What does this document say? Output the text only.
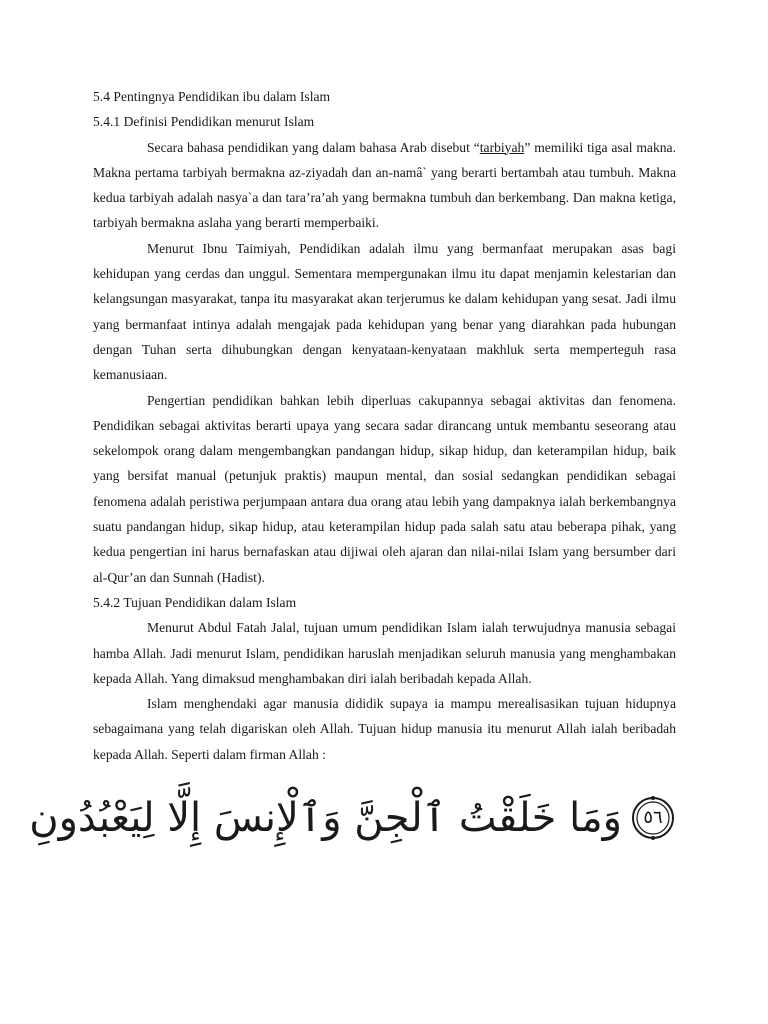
5.4 Pentingnya Pendidikan ibu dalam Islam

5.4.1 Definisi Pendidikan menurut Islam

Secara bahasa pendidikan yang dalam bahasa Arab disebut “tarbiyah” memiliki tiga asal makna. Makna pertama tarbiyah bermakna az-ziyadah dan an-namâ` yang berarti bertambah atau tumbuh. Makna kedua tarbiyah adalah nasya`a dan tara’ra’ah yang bermakna tumbuh dan berkembang. Dan makna ketiga, tarbiyah bermakna aslaha yang berarti memperbaiki.

Menurut Ibnu Taimiyah, Pendidikan adalah ilmu yang bermanfaat merupakan asas bagi kehidupan yang cerdas dan unggul. Sementara mempergunakan ilmu itu dapat menjamin kelestarian dan kelangsungan masyarakat, tanpa itu masyarakat akan terjerumus ke dalam kehidupan yang sesat. Jadi ilmu yang bermanfaat intinya adalah mengajak pada kehidupan yang benar yang diarahkan pada hubungan dengan Tuhan serta dihubungkan dengan kenyataan-kenyataan makhluk serta memperteguh rasa kemanusiaan.

Pengertian pendidikan bahkan lebih diperluas cakupannya sebagai aktivitas dan fenomena. Pendidikan sebagai aktivitas berarti upaya yang secara sadar dirancang untuk membantu seseorang atau sekelompok orang dalam mengembangkan pandangan hidup, sikap hidup, dan keterampilan hidup, baik yang bersifat manual (petunjuk praktis) maupun mental, dan sosial sedangkan pendidikan sebagai fenomena adalah peristiwa perjumpaan antara dua orang atau lebih yang dampaknya ialah berkembangnya suatu pandangan hidup, sikap hidup, atau keterampilan hidup pada salah satu atau beberapa pihak, yang kedua pengertian ini harus bernafaskan atau dijiwai oleh ajaran dan nilai-nilai Islam yang bersumber dari al-Qur’an dan Sunnah (Hadist).

5.4.2 Tujuan Pendidikan dalam Islam

Menurut Abdul Fatah Jalal, tujuan umum pendidikan Islam ialah terwujudnya manusia sebagai hamba Allah. Jadi menurut Islam, pendidikan haruslah menjadikan seluruh manusia yang menghambakan kepada Allah. Yang dimaksud menghambakan diri ialah beribadah kepada Allah.

Islam menghendaki agar manusia dididik supaya ia mampu merealisasikan tujuan hidupnya sebagaimana yang telah digariskan oleh Allah. Tujuan hidup manusia itu menurut Allah ialah beribadah kepada Allah. Seperti dalam firman Allah :

وَمَا خَلَقْتُ ٱلْجِنَّ وَٱلْإِنسَ إِلَّا لِيَعْبُدُونِ	٥٦
